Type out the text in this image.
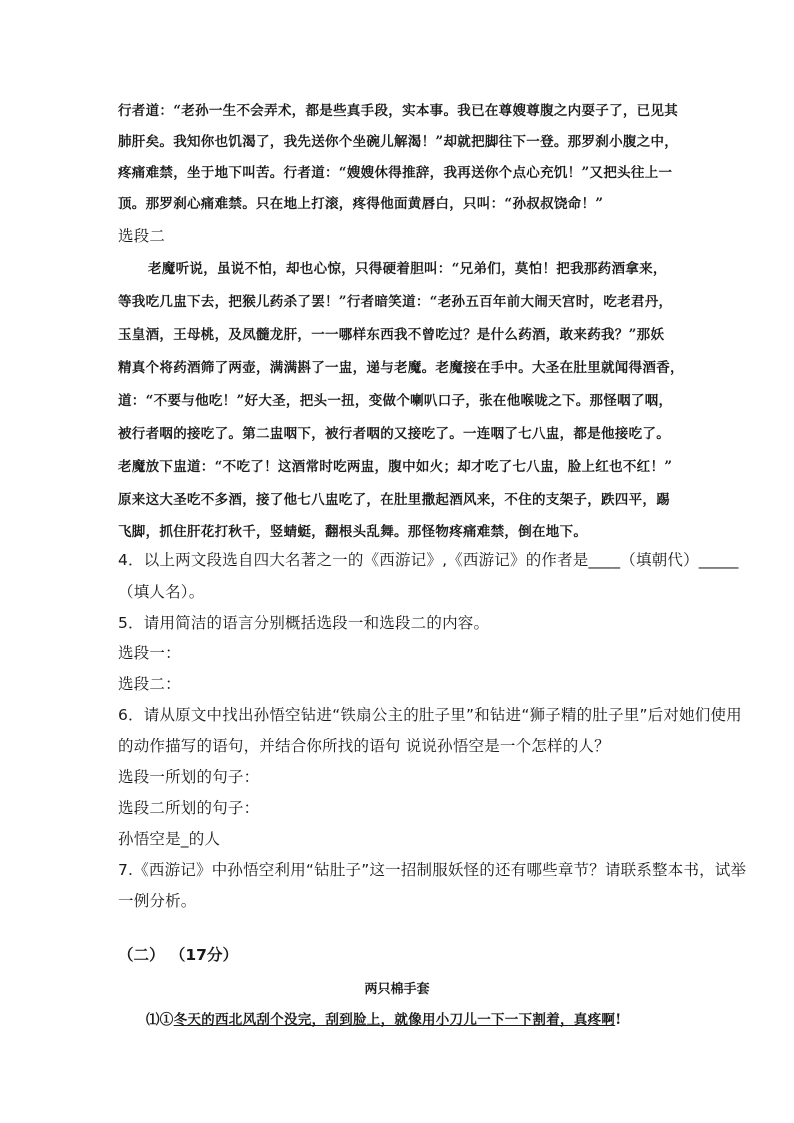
行者道：“老孙一生不会弄术，都是些真手段，实本事。我已在尊嫂尊腹之内耍子了，已见其
肺肝矣。我知你也饥渴了，我先送你个坐碗儿解渴！”却就把脚往下一登。那罗刹小腹之中，
疼痛难禁，坐于地下叫苦。行者道：“嫂嫂休得推辞，我再送你个点心充饥！”又把头往上一
顶。那罗刹心痛难禁。只在地上打滚，疼得他面黄唇白，只叫：“孙叔叔饶命！”
选段二
老魔听说，虽说不怕，却也心惊，只得硬着胆叫：“兄弟们，莫怕！把我那药酒拿来，
等我吃几盅下去，把猴儿药杀了罢！”行者暗笑道：“老孙五百年前大闹天宫时，吃老君丹，
玉皇酒，王母桃，及凤髓龙肝，一一哪样东西我不曾吃过？是什么药酒，敢来药我？”那妖
精真个将药酒筛了两壶，满满斟了一盅，递与老魔。老魔接在手中。大圣在肚里就闻得酒香，
道：“不要与他吃！”好大圣，把头一扭，变做个喇叭口子，张在他喉咙之下。那怪咽了咽，
被行者咽的接吃了。第二盅咽下，被行者咽的又接吃了。一连咽了七八盅，都是他接吃了。
老魔放下盅道：“不吃了！这酒常时吃两盅，腹中如火；却才吃了七八盅，脸上红也不红！”
原来这大圣吃不多酒，接了他七八盅吃了，在肚里撒起酒风来，不住的支架子，跌四平，踢
飞脚，抓住肝花打秋千，竖蜻蜓，翻根头乱舞。那怪物疼痛难禁，倒在地下。
4．以上两文段选自四大名著之一的《西游记》,《西游记》的作者是____（填朝代）_____
（填人名）。
5．请用简洁的语言分别概括选段一和选段二的内容。
选段一：
选段二：
6．请从原文中找出孙悟空钻进“铁扇公主的肚子里”和钻进“狮子精的肚子里”后对她们使用
的动作描写的语句，并结合你所找的语句 说说孙悟空是一个怎样的人？
选段一所划的句子：
选段二所划的句子：
孙悟空是_的人
7.《西游记》中孙悟空利用“钻肚子”这一招制服妖怪的还有哪些章节？请联系整本书，试举
一例分析。
（二） （17分）
两只棉手套
⑴①冬天的西北风刮个没完，刮到脸上，就像用小刀儿一下一下割着，真疼啊!
